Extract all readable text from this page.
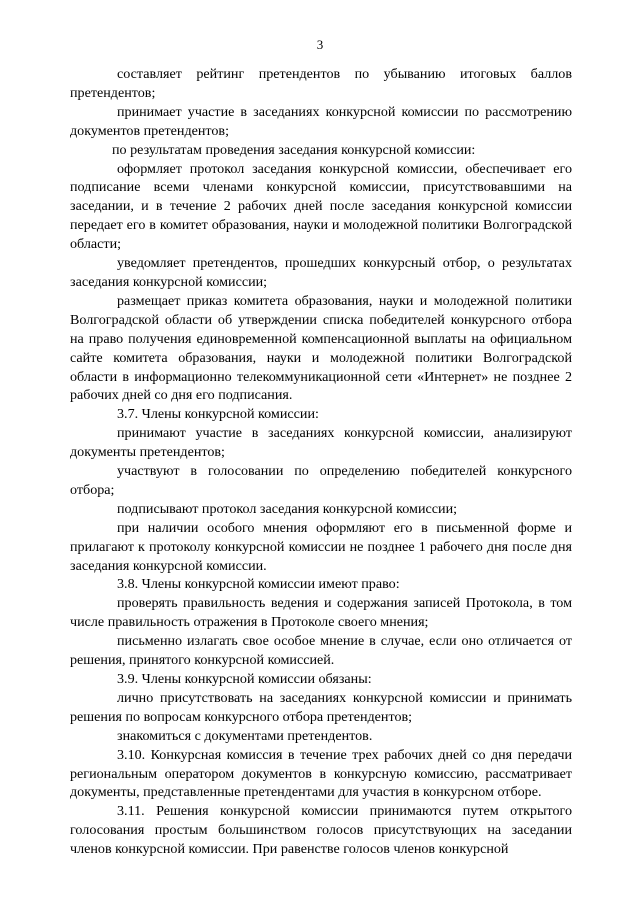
3

составляет рейтинг претендентов по убыванию итоговых баллов претендентов;

принимает участие в заседаниях конкурсной комиссии по рассмотрению документов претендентов;

по результатам проведения заседания конкурсной комиссии:

оформляет протокол заседания конкурсной комиссии, обеспечивает его подписание всеми членами конкурсной комиссии, присутствовавшими на заседании, и в течение 2 рабочих дней после заседания конкурсной комиссии передает его в комитет образования, науки и молодежной политики Волгоградской области;

уведомляет претендентов, прошедших конкурсный отбор, о результатах заседания конкурсной комиссии;

размещает приказ комитета образования, науки и молодежной политики Волгоградской области об утверждении списка победителей конкурсного отбора на право получения единовременной компенсационной выплаты на официальном сайте комитета образования, науки и молодежной политики Волгоградской области в информационно телекоммуникационной сети «Интернет» не позднее 2 рабочих дней со дня его подписания.

3.7. Члены конкурсной комиссии:

принимают участие в заседаниях конкурсной комиссии, анализируют документы претендентов;

участвуют в голосовании по определению победителей конкурсного отбора;

подписывают протокол заседания конкурсной комиссии;

при наличии особого мнения оформляют его в письменной форме и прилагают к протоколу конкурсной комиссии не позднее 1 рабочего дня после дня заседания конкурсной комиссии.

3.8. Члены конкурсной комиссии имеют право:

проверять правильность ведения и содержания записей Протокола, в том числе правильность отражения в Протоколе своего мнения;

письменно излагать свое особое мнение в случае, если оно отличается от решения, принятого конкурсной комиссией.

3.9. Члены конкурсной комиссии обязаны:

лично присутствовать на заседаниях конкурсной комиссии и принимать решения по вопросам конкурсного отбора претендентов;

знакомиться с документами претендентов.

3.10. Конкурсная комиссия в течение трех рабочих дней со дня передачи региональным оператором документов в конкурсную комиссию, рассматривает документы, представленные претендентами для участия в конкурсном отборе.

3.11. Решения конкурсной комиссии принимаются путем открытого голосования простым большинством голосов присутствующих на заседании членов конкурсной комиссии. При равенстве голосов членов конкурсной
